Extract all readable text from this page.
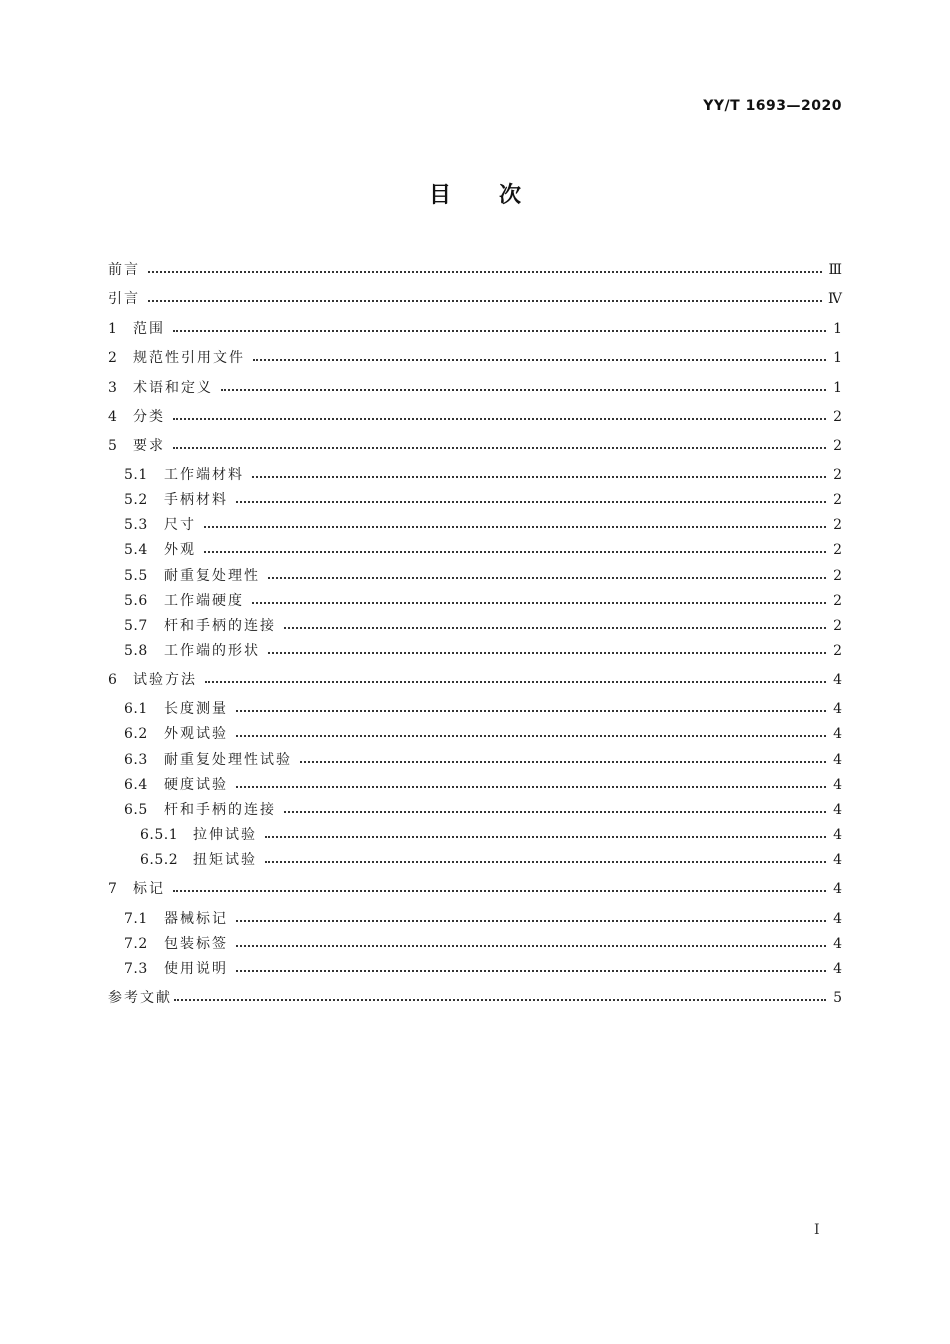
YY/T 1693—2020
目次
前言	Ⅲ
引言	Ⅳ
1	范围	1
2	规范性引用文件	1
3	术语和定义	1
4	分类	2
5	要求	2
5.1	工作端材料	2
5.2	手柄材料	2
5.3	尺寸	2
5.4	外观	2
5.5	耐重复处理性	2
5.6	工作端硬度	2
5.7	杆和手柄的连接	2
5.8	工作端的形状	2
6	试验方法	4
6.1	长度测量	4
6.2	外观试验	4
6.3	耐重复处理性试验	4
6.4	硬度试验	4
6.5	杆和手柄的连接	4
6.5.1	拉伸试验	4
6.5.2	扭矩试验	4
7	标记	4
7.1	器械标记	4
7.2	包装标签	4
7.3	使用说明	4
参考文献	5
I
